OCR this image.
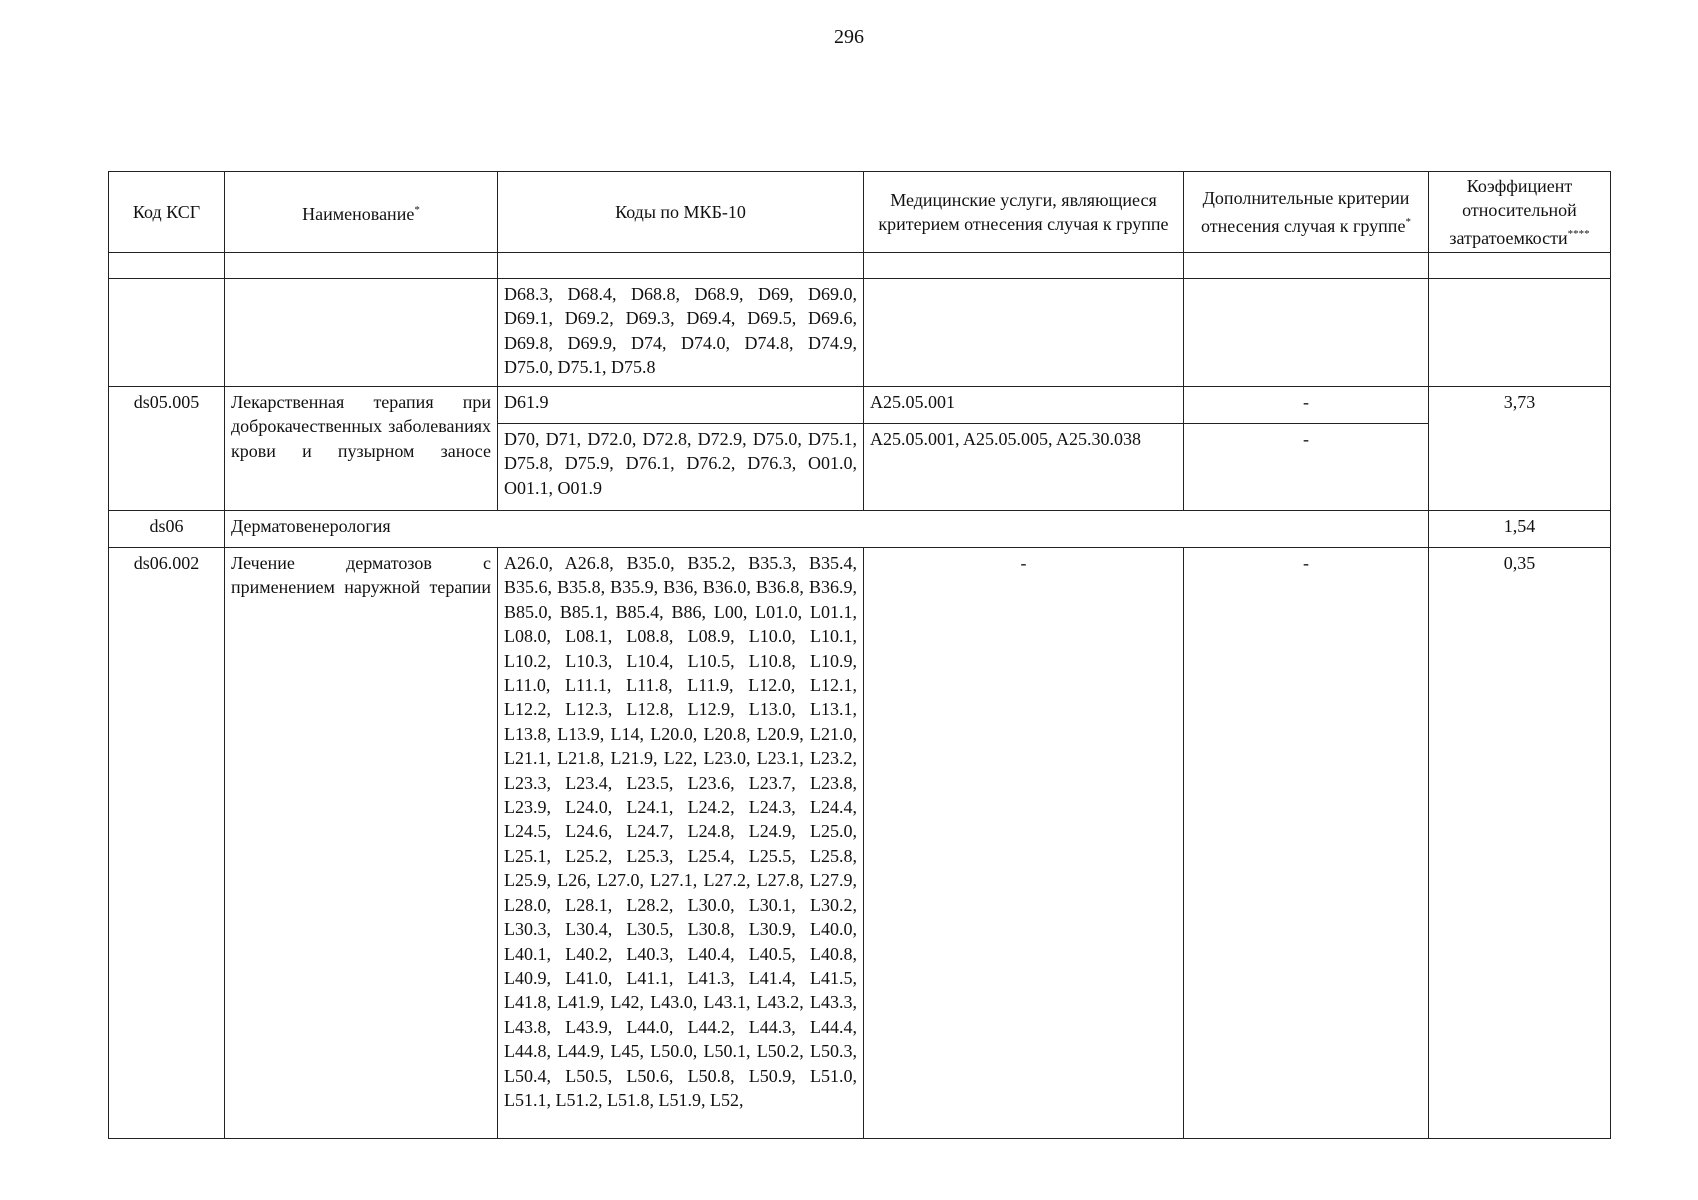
296
Код КСГ	Наименование*	Коды по МКБ-10	Медицинские услуги, являющиеся критерием отнесения случая к группе	Дополнительные критерии отнесения случая к группе*	Коэффициент относительной затратоемкости****

		D68.3, D68.4, D68.8, D68.9, D69, D69.0, D69.1, D69.2, D69.3, D69.4, D69.5, D69.6, D69.8, D69.9, D74, D74.0, D74.8, D74.9, D75.0, D75.1, D75.8			
ds05.005	Лекарственная терапия при доброкачественных заболеваниях крови и пузырном заносе	D61.9	A25.05.001	-	3,73
		D70, D71, D72.0, D72.8, D72.9, D75.0, D75.1, D75.8, D75.9, D76.1, D76.2, D76.3, O01.0, O01.1, O01.9	A25.05.001, A25.05.005, A25.30.038	-	
ds06	Дерматовенерология				1,54
ds06.002	Лечение дерматозов с применением наружной терапии	A26.0, A26.8, B35.0, B35.2, B35.3, B35.4, B35.6, B35.8, B35.9, B36, B36.0, B36.8, B36.9, B85.0, B85.1, B85.4, B86, L00, L01.0, L01.1, L08.0, L08.1, L08.8, L08.9, L10.0, L10.1, L10.2, L10.3, L10.4, L10.5, L10.8, L10.9, L11.0, L11.1, L11.8, L11.9, L12.0, L12.1, L12.2, L12.3, L12.8, L12.9, L13.0, L13.1, L13.8, L13.9, L14, L20.0, L20.8, L20.9, L21.0, L21.1, L21.8, L21.9, L22, L23.0, L23.1, L23.2, L23.3, L23.4, L23.5, L23.6, L23.7, L23.8, L23.9, L24.0, L24.1, L24.2, L24.3, L24.4, L24.5, L24.6, L24.7, L24.8, L24.9, L25.0, L25.1, L25.2, L25.3, L25.4, L25.5, L25.8, L25.9, L26, L27.0, L27.1, L27.2, L27.8, L27.9, L28.0, L28.1, L28.2, L30.0, L30.1, L30.2, L30.3, L30.4, L30.5, L30.8, L30.9, L40.0, L40.1, L40.2, L40.3, L40.4, L40.5, L40.8, L40.9, L41.0, L41.1, L41.3, L41.4, L41.5, L41.8, L41.9, L42, L43.0, L43.1, L43.2, L43.3, L43.8, L43.9, L44.0, L44.2, L44.3, L44.4, L44.8, L44.9, L45, L50.0, L50.1, L50.2, L50.3, L50.4, L50.5, L50.6, L50.8, L50.9, L51.0, L51.1, L51.2, L51.8, L51.9, L52,	-	-	0,35
